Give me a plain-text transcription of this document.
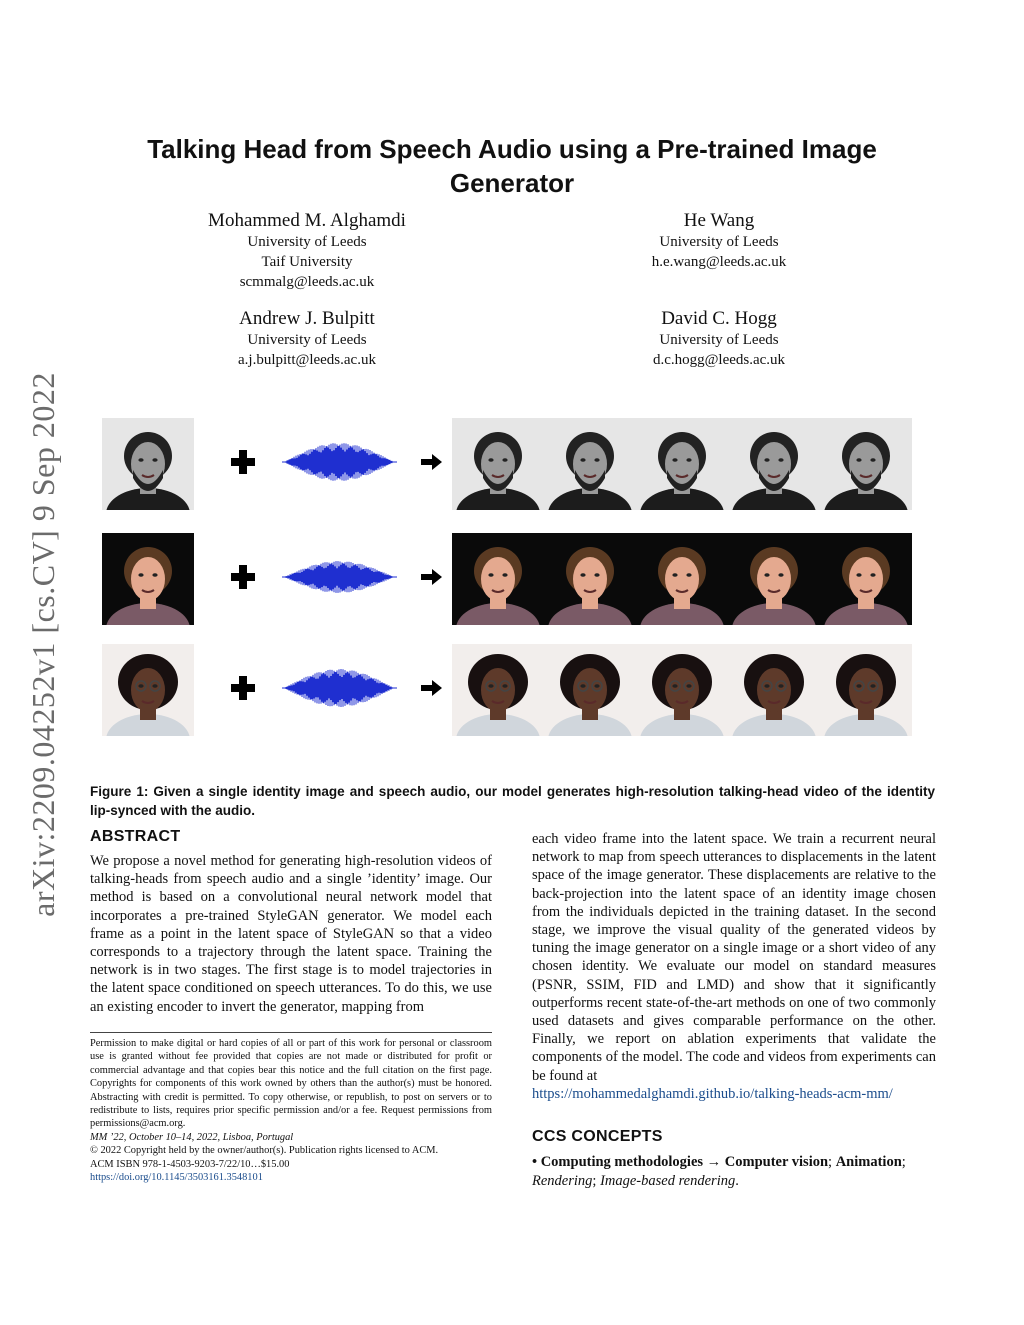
arXiv:2209.04252v1 [cs.CV] 9 Sep 2022
Talking Head from Speech Audio using a Pre-trained Image Generator
Mohammed M. Alghamdi
University of Leeds
Taif University
scmmalg@leeds.ac.uk
He Wang
University of Leeds
h.e.wang@leeds.ac.uk
Andrew J. Bulpitt
University of Leeds
a.j.bulpitt@leeds.ac.uk
David C. Hogg
University of Leeds
d.c.hogg@leeds.ac.uk
Figure 1: Given a single identity image and speech audio, our model generates high-resolution talking-head video of the identity lip-synced with the audio.
ABSTRACT
We propose a novel method for generating high-resolution videos of talking-heads from speech audio and a single ’identity’ image. Our method is based on a convolutional neural network model that incorporates a pre-trained StyleGAN generator. We model each frame as a point in the latent space of StyleGAN so that a video corresponds to a trajectory through the latent space. Training the network is in two stages. The first stage is to model trajectories in the latent space conditioned on speech utterances. To do this, we use an existing encoder to invert the generator, mapping from
each video frame into the latent space. We train a recurrent neural network to map from speech utterances to displacements in the latent space of the image generator. These displacements are relative to the back-projection into the latent space of an identity image chosen from the individuals depicted in the training dataset. In the second stage, we improve the visual quality of the generated videos by tuning the image generator on a single image or a short video of any chosen identity. We evaluate our model on standard measures (PSNR, SSIM, FID and LMD) and show that it significantly outperforms recent state-of-the-art methods on one of two commonly used datasets and gives comparable performance on the other. Finally, we report on ablation experiments that validate the components of the model. The code and videos from experiments can be found at
https://mohammedalghamdi.github.io/talking-heads-acm-mm/
Permission to make digital or hard copies of all or part of this work for personal or classroom use is granted without fee provided that copies are not made or distributed for profit or commercial advantage and that copies bear this notice and the full citation on the first page. Copyrights for components of this work owned by others than the author(s) must be honored. Abstracting with credit is permitted. To copy otherwise, or republish, to post on servers or to redistribute to lists, requires prior specific permission and/or a fee. Request permissions from permissions@acm.org.
MM ’22, October 10–14, 2022, Lisboa, Portugal
© 2022 Copyright held by the owner/author(s). Publication rights licensed to ACM.
ACM ISBN 978-1-4503-9203-7/22/10…$15.00
https://doi.org/10.1145/3503161.3548101
CCS CONCEPTS
• Computing methodologies → Computer vision; Animation;
Rendering; Image-based rendering.
